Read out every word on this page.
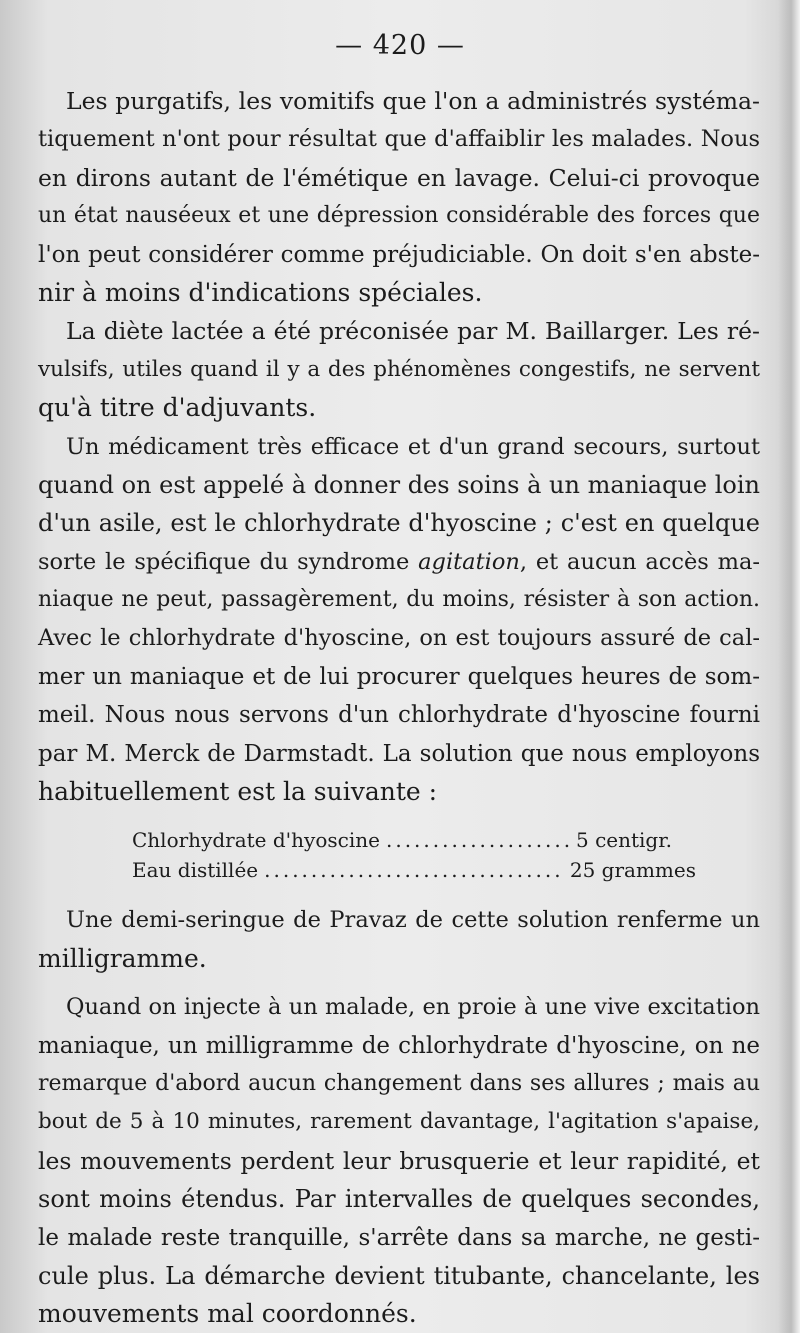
— 420 —
Les purgatifs, les vomitifs que l'on a administrés systéma-
tiquement n'ont pour résultat que d'affaiblir les malades. Nous
en dirons autant de l'émétique en lavage. Celui-ci provoque
un état nauséeux et une dépression considérable des forces que
l'on peut considérer comme préjudiciable. On doit s'en abste-
nir à moins d'indications spéciales.
La diète lactée a été préconisée par M. Baillarger. Les ré-
vulsifs, utiles quand il y a des phénomènes congestifs, ne servent
qu'à titre d'adjuvants.
Un médicament très efficace et d'un grand secours, surtout
quand on est appelé à donner des soins à un maniaque loin
d'un asile, est le chlorhydrate d'hyoscine ; c'est en quelque
sorte le spécifique du syndrome agitation, et aucun accès ma-
niaque ne peut, passagèrement, du moins, résister à son action.
Avec le chlorhydrate d'hyoscine, on est toujours assuré de cal-
mer un maniaque et de lui procurer quelques heures de som-
meil. Nous nous servons d'un chlorhydrate d'hyoscine fourni
par M. Merck de Darmstadt. La solution que nous employons
habituellement est la suivante :
Chlorhydrate d'hyoscine .....	5 centigr.
Eau distillée .....	25 grammes
Une demi-seringue de Pravaz de cette solution renferme un
milligramme.
Quand on injecte à un malade, en proie à une vive excitation
maniaque, un milligramme de chlorhydrate d'hyoscine, on ne
remarque d'abord aucun changement dans ses allures ; mais au
bout de 5 à 10 minutes, rarement davantage, l'agitation s'apaise,
les mouvements perdent leur brusquerie et leur rapidité, et
sont moins étendus. Par intervalles de quelques secondes,
le malade reste tranquille, s'arrête dans sa marche, ne gesti-
cule plus. La démarche devient titubante, chancelante, les
mouvements mal coordonnés.
